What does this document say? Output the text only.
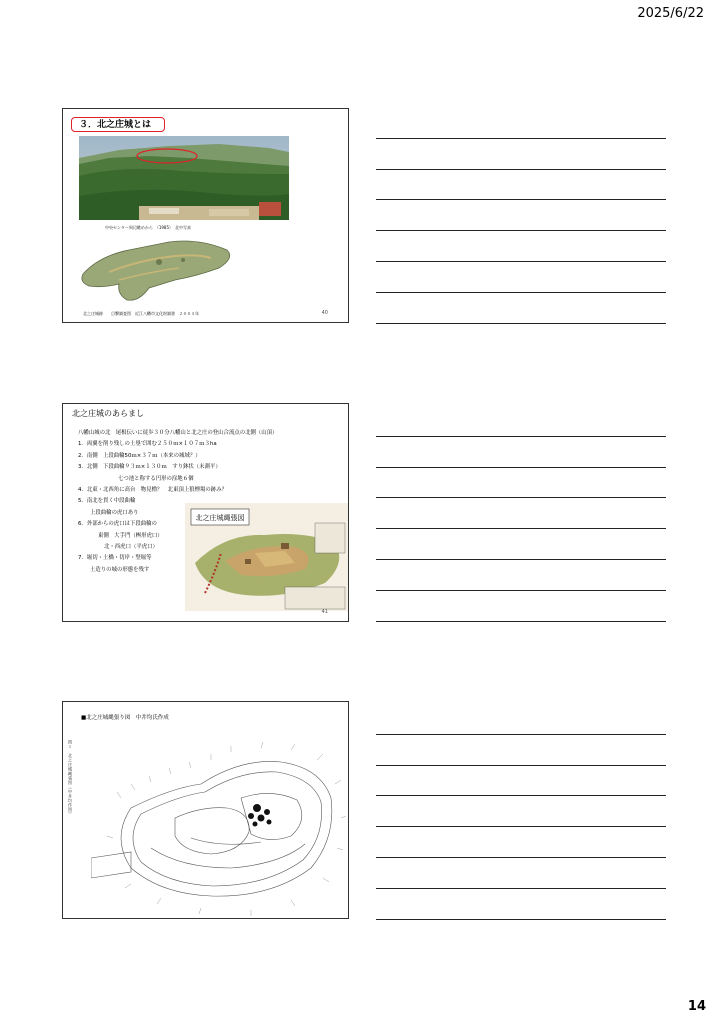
2025/6/22
３．北之庄城とは
中央センター周辺眺めから　（1985）　北中写真
北之庄城跡　　目撃調査図　近江八幡市文化財調書　２００５年	40
北之庄城のあらまし
八幡山城の北　尾根伝いに徒歩３０分八幡山と北之庄の登山合流点の北側（山頂）
1．両翼を削り残しの土塁で囲む２５０ｍ×１０７ｍ３ha
2．南側　上段曲輪50ｍ×３７ｍ（本来の城域？）
3．北側　下段曲輪９３ｍ×１３０ｍ　すり鉢状（未測平）
七つ池と称する円形の窪地６個
4．北東・北西角に高台　物見櫓？　北東頂上狼煙場の跡み？
5．南北を貫く中段曲輪
上段曲輪の虎口あり
6．外部からの虎口は下段曲輪の
東側　大手門（桝形虎口）
北・西虎口（平虎口）
7．堀切・土橋・切岸・竪堀等
土造りの城の形態を残す
北之庄城縄張図
41
■北之庄城縄張り図　中井均氏作成
図１　北之庄城縄張図（中井均作図）
14
